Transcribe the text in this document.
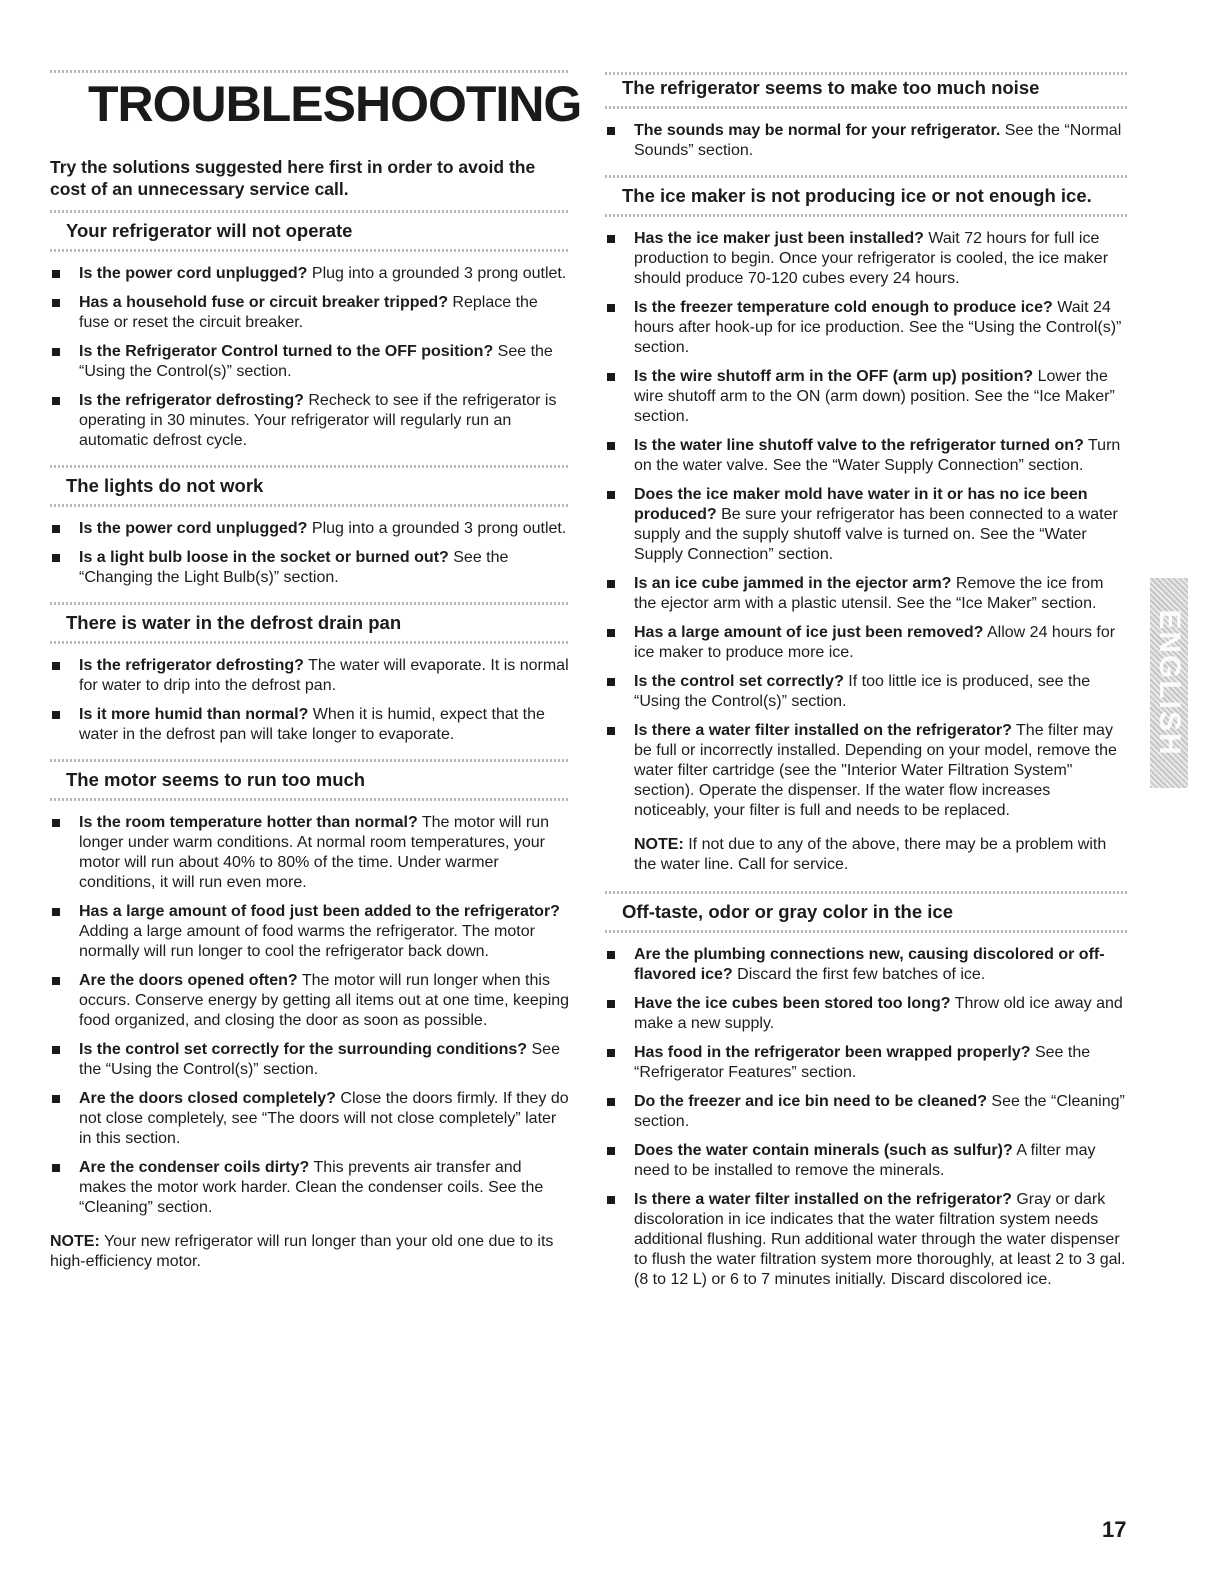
TROUBLESHOOTING
Try the solutions suggested here first in order to avoid the cost of an unnecessary service call.
Your refrigerator will not operate
Is the power cord unplugged? Plug into a grounded 3 prong outlet.
Has a household fuse or circuit breaker tripped? Replace the fuse or reset the circuit breaker.
Is the Refrigerator Control turned to the OFF position? See the “Using the Control(s)” section.
Is the refrigerator defrosting? Recheck to see if the refrigerator is operating in 30 minutes. Your refrigerator will regularly run an automatic defrost cycle.
The lights do not work
Is the power cord unplugged? Plug into a grounded 3 prong outlet.
Is a light bulb loose in the socket or burned out? See the “Changing the Light Bulb(s)” section.
There is water in the defrost drain pan
Is the refrigerator defrosting? The water will evaporate. It is normal for water to drip into the defrost pan.
Is it more humid than normal? When it is humid, expect that the water in the defrost pan will take longer to evaporate.
The motor seems to run too much
Is the room temperature hotter than normal? The motor will run longer under warm conditions. At normal room temperatures, your motor will run about 40% to 80% of the time. Under warmer conditions, it will run even more.
Has a large amount of food just been added to the refrigerator? Adding a large amount of food warms the refrigerator. The motor normally will run longer to cool the refrigerator back down.
Are the doors opened often? The motor will run longer when this occurs. Conserve energy by getting all items out at one time, keeping food organized, and closing the door as soon as possible.
Is the control set correctly for the surrounding conditions? See the “Using the Control(s)” section.
Are the doors closed completely? Close the doors firmly. If they do not close completely, see “The doors will not close completely” later in this section.
Are the condenser coils dirty? This prevents air transfer and makes the motor work harder. Clean the condenser coils. See the “Cleaning” section.
NOTE: Your new refrigerator will run longer than your old one due to its high-efficiency motor.
The refrigerator seems to make too much noise
The sounds may be normal for your refrigerator. See the “Normal Sounds” section.
The ice maker is not producing ice or not enough ice.
Has the ice maker just been installed? Wait 72 hours for full ice production to begin. Once your refrigerator is cooled, the ice maker should produce 70-120 cubes every 24 hours.
Is the freezer temperature cold enough to produce ice? Wait 24 hours after hook-up for ice production. See the “Using the Control(s)” section.
Is the wire shutoff arm in the OFF (arm up) position? Lower the wire shutoff arm to the ON (arm down) position. See the “Ice Maker” section.
Is the water line shutoff valve to the refrigerator turned on? Turn on the water valve. See the “Water Supply Connection” section.
Does the ice maker mold have water in it or has no ice been produced? Be sure your refrigerator has been connected to a water supply and the supply shutoff valve is turned on. See the “Water Supply Connection” section.
Is an ice cube jammed in the ejector arm? Remove the ice from the ejector arm with a plastic utensil. See the “Ice Maker” section.
Has a large amount of ice just been removed? Allow 24 hours for ice maker to produce more ice.
Is the control set correctly? If too little ice is produced, see the “Using the Control(s)” section.
Is there a water filter installed on the refrigerator? The filter may be full or incorrectly installed. Depending on your model, remove the water filter cartridge (see the "Interior Water Filtration System" section). Operate the dispenser. If the water flow increases noticeably, your filter is full and needs to be replaced.
NOTE: If not due to any of the above, there may be a problem with the water line. Call for service.
Off-taste, odor or gray color in the ice
Are the plumbing connections new, causing discolored or off-flavored ice? Discard the first few batches of ice.
Have the ice cubes been stored too long? Throw old ice away and make a new supply.
Has food in the refrigerator been wrapped properly? See the “Refrigerator Features” section.
Do the freezer and ice bin need to be cleaned? See the “Cleaning” section.
Does the water contain minerals (such as sulfur)? A filter may need to be installed to remove the minerals.
Is there a water filter installed on the refrigerator? Gray or dark discoloration in ice indicates that the water filtration system needs additional flushing. Run additional water through the water dispenser to flush the water filtration system more thoroughly, at least 2 to 3 gal. (8 to 12 L) or 6 to 7 minutes initially. Discard discolored ice.
ENGLISH
17
